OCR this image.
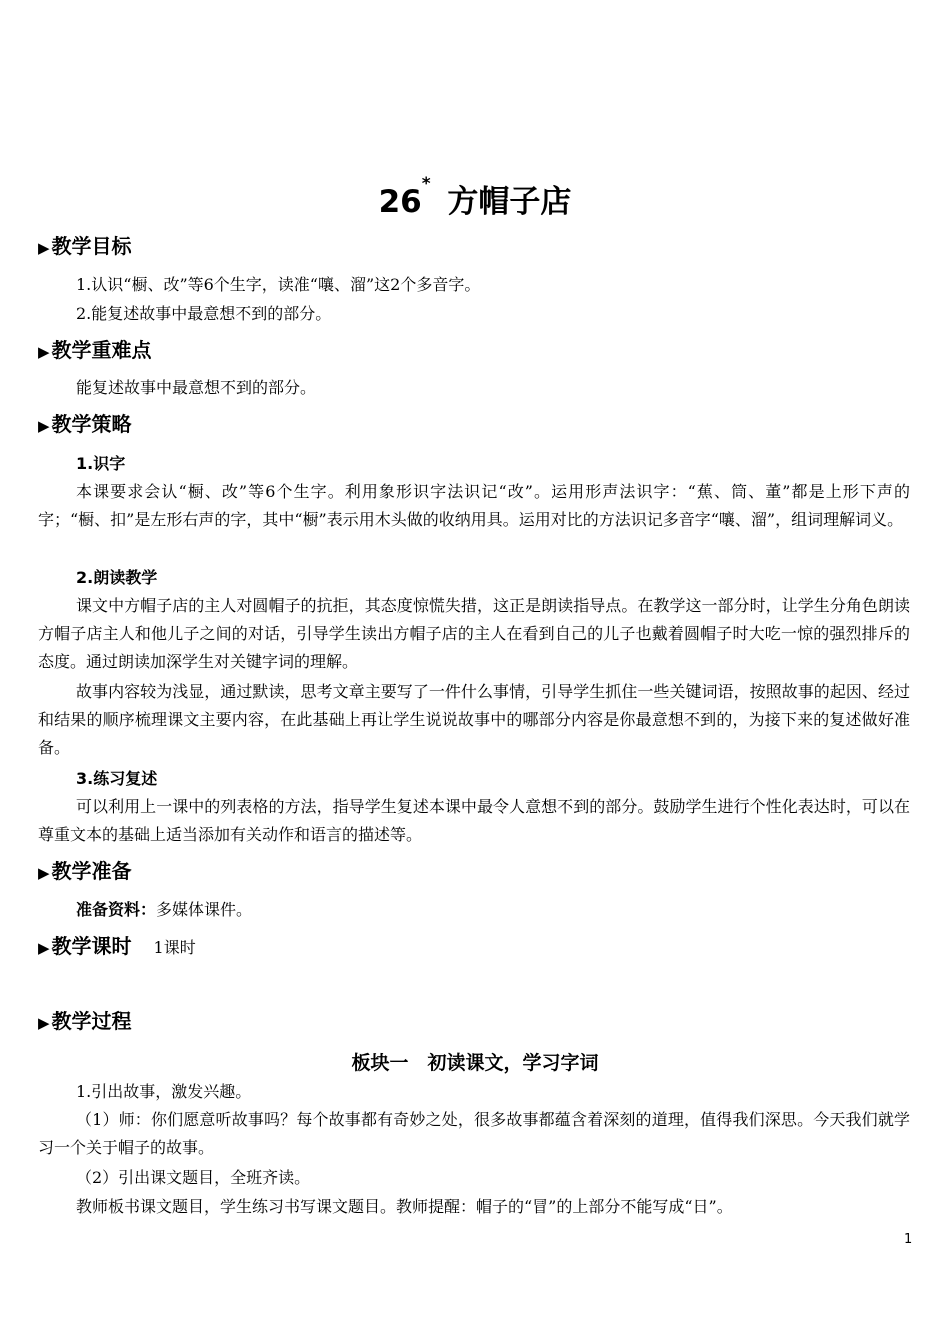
26* 方帽子店
▶ 教学目标
1.认识“橱、改”等6个生字，读准“嚷、溜”这2个多音字。
2.能复述故事中最意想不到的部分。
▶ 教学重难点
能复述故事中最意想不到的部分。
▶ 教学策略
1.识字
本课要求会认“橱、改”等6个生字。利用象形识字法识记“改”。运用形声法识字：“蕉、筒、董”都是上形下声的字；“橱、扣”是左形右声的字，其中“橱”表示用木头做的收纳用具。运用对比的方法识记多音字“嚷、溜”，组词理解词义。
2.朗读教学
课文中方帽子店的主人对圆帽子的抗拒，其态度惊慌失措，这正是朗读指导点。在教学这一部分时，让学生分角色朗读方帽子店主人和他儿子之间的对话，引导学生读出方帽子店的主人在看到自己的儿子也戴着圆帽子时大吃一惊的强烈排斥的态度。通过朗读加深学生对关键字词的理解。
故事内容较为浅显，通过默读，思考文章主要写了一件什么事情，引导学生抓住一些关键词语，按照故事的起因、经过和结果的顺序梳理课文主要内容，在此基础上再让学生说说故事中的哪部分内容是你最意想不到的，为接下来的复述做好准备。
3.练习复述
可以利用上一课中的列表格的方法，指导学生复述本课中最令人意想不到的部分。鼓励学生进行个性化表达时，可以在尊重文本的基础上适当添加有关动作和语言的描述等。
▶ 教学准备
准备资料：多媒体课件。
▶ 教学课时 1课时
▶ 教学过程
板块一　初读课文，学习字词
1.引出故事，激发兴趣。
（1）师：你们愿意听故事吗？每个故事都有奇妙之处，很多故事都蕴含着深刻的道理，值得我们深思。今天我们就学习一个关于帽子的故事。
（2）引出课文题目，全班齐读。
教师板书课文题目，学生练习书写课文题目。教师提醒：帽子的“冒”的上部分不能写成“日”。
1
